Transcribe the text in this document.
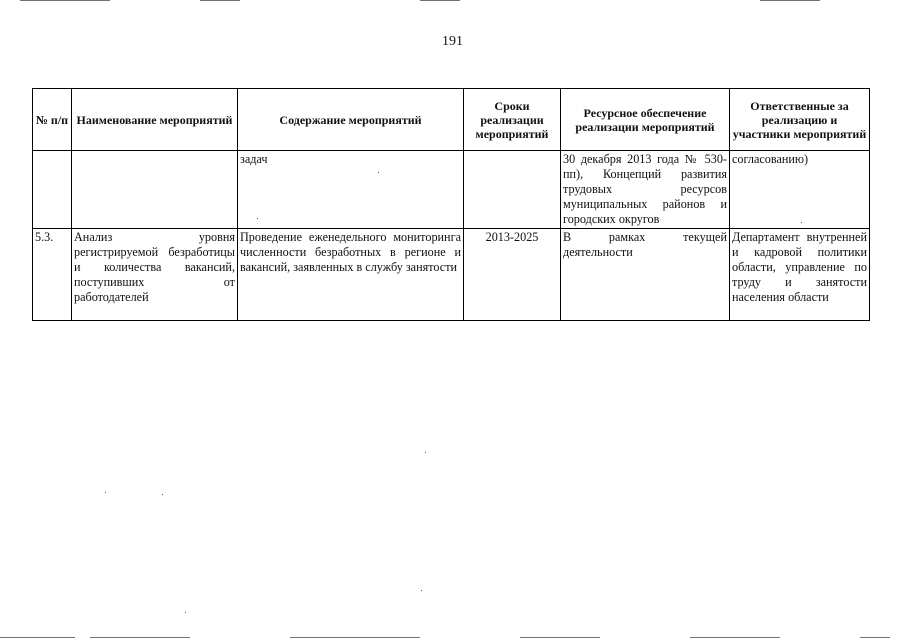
191
№ п/п	Наименование мероприятий	Содержание мероприятий	Сроки реализации мероприятий	Ресурсное обеспечение реализации мероприятий	Ответственные за реализацию и участники мероприятий
		задач		30 декабря 2013 года № 530-пп), Концепций развития трудовых ресурсов муниципальных районов и городских округов	согласованию)
5.3.	Анализ уровня регистрируемой безработицы и количества вакансий, поступивших от работодателей	Проведение еженедельного мониторинга численности безработных в регионе и вакансий, заявленных в службу занятости	2013-2025	В рамках текущей деятельности	Департамент внутренней и кадровой политики области, управление по труду и занятости населения области
